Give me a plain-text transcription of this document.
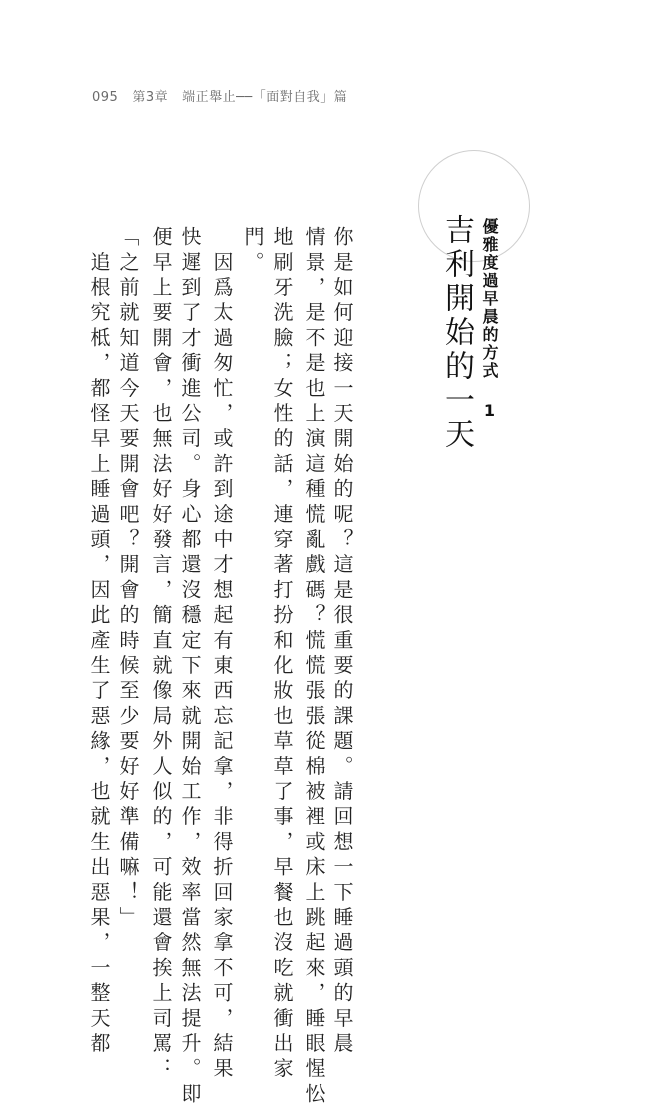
095 第3章 端正舉止──「面對自我」篇
優雅度過早晨的方式 1
吉利開始的一天
你是如何迎接一天開始的呢？這是很重要的課題。請回想一下睡過頭的早晨
情景，是不是也上演這種慌亂戲碼？慌慌張張從棉被裡或床上跳起來，睡眼惺忪
地刷牙洗臉；女性的話，連穿著打扮和化妝也草草了事，早餐也沒吃就衝出家
門。
　因爲太過匆忙，或許到途中才想起有東西忘記拿，非得折回家拿不可，結果
快遲到了才衝進公司。身心都還沒穩定下來就開始工作，效率當然無法提升。即
便早上要開會，也無法好好發言，簡直就像局外人似的，可能還會挨上司罵：
「之前就知道今天要開會吧？開會的時候至少要好好準備嘛！」
　追根究柢，都怪早上睡過頭，因此產生了惡緣，也就生出惡果，一整天都
